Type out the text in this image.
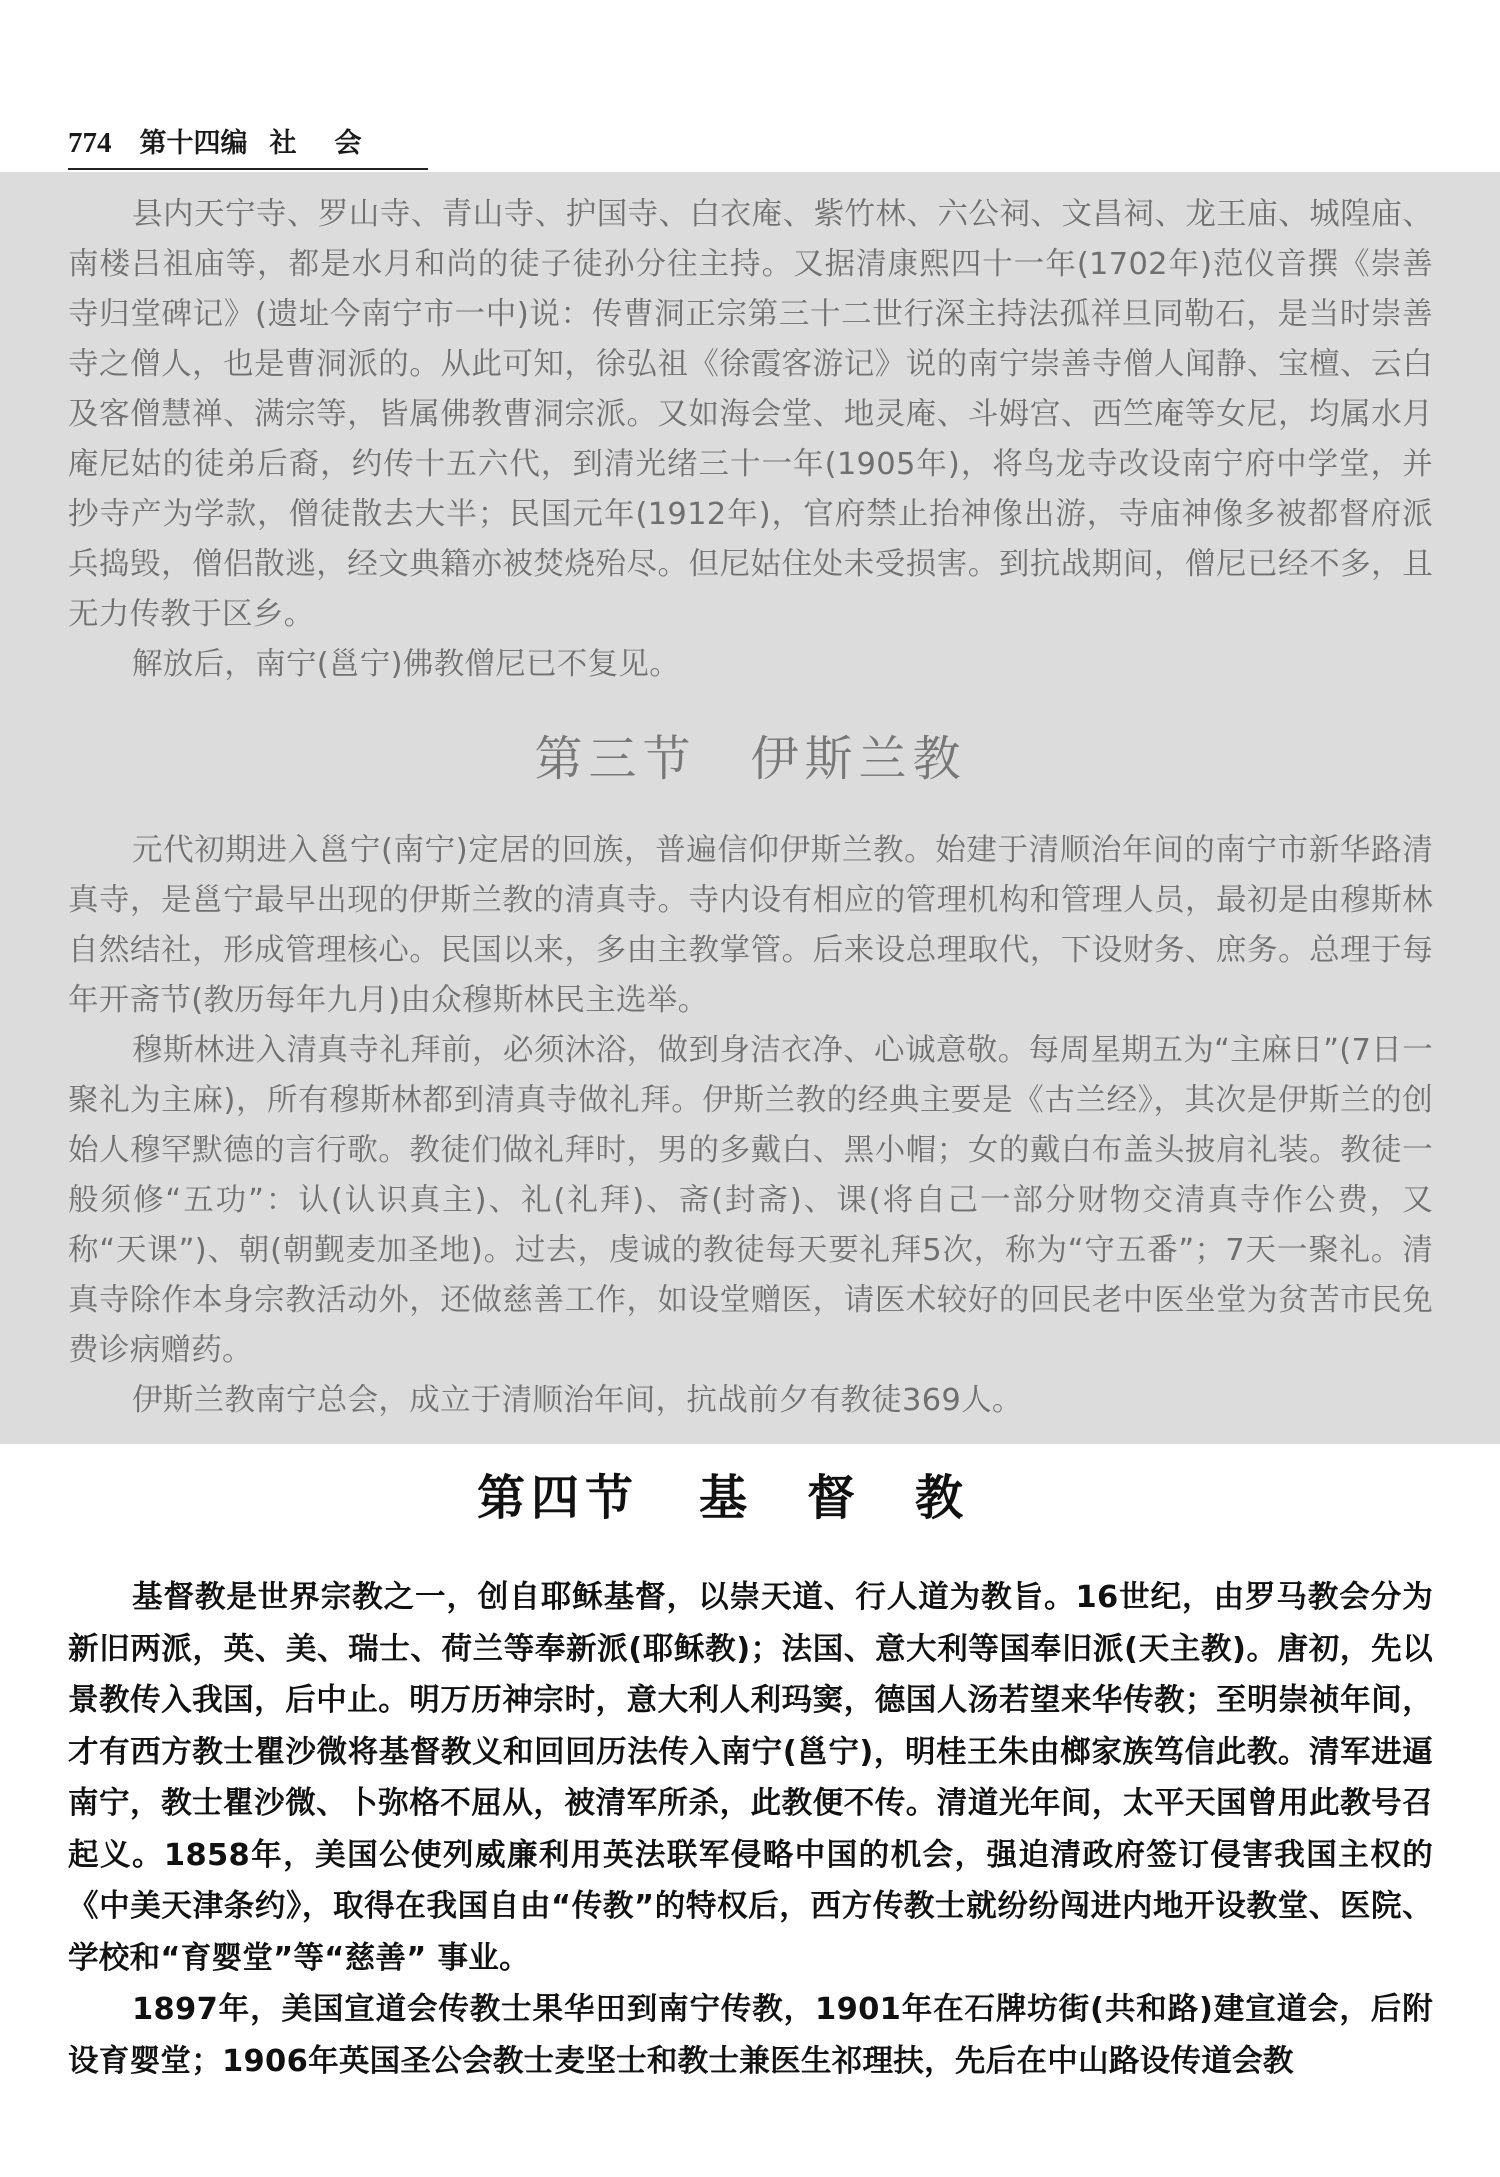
774 第十四编 社 会

县内天宁寺、罗山寺、青山寺、护国寺、白衣庵、紫竹林、六公祠、文昌祠、龙王庙、城隍庙、南楼吕祖庙等，都是水月和尚的徒子徒孙分往主持。又据清康熙四十一年(1702年)范仪音撰《崇善寺归堂碑记》(遗址今南宁市一中)说：传曹洞正宗第三十二世行深主持法孤祥旦同勒石，是当时崇善寺之僧人，也是曹洞派的。从此可知，徐弘祖《徐霞客游记》说的南宁崇善寺僧人闻静、宝檀、云白及客僧慧禅、满宗等，皆属佛教曹洞宗派。又如海会堂、地灵庵、斗姆宫、西竺庵等女尼，均属水月庵尼姑的徒弟后裔，约传十五六代，到清光绪三十一年(1905年)，将鸟龙寺改设南宁府中学堂，并抄寺产为学款，僧徒散去大半；民国元年(1912年)，官府禁止抬神像出游，寺庙神像多被都督府派兵捣毁，僧侣散逃，经文典籍亦被焚烧殆尽。但尼姑住处未受损害。到抗战期间，僧尼已经不多，且无力传教于区乡。

解放后，南宁(邕宁)佛教僧尼已不复见。

第三节　伊斯兰教

元代初期进入邕宁(南宁)定居的回族，普遍信仰伊斯兰教。始建于清顺治年间的南宁市新华路清真寺，是邕宁最早出现的伊斯兰教的清真寺。寺内设有相应的管理机构和管理人员，最初是由穆斯林自然结社，形成管理核心。民国以来，多由主教掌管。后来设总理取代，下设财务、庶务。总理于每年开斋节(教历每年九月)由众穆斯林民主选举。

穆斯林进入清真寺礼拜前，必须沐浴，做到身洁衣净、心诚意敬。每周星期五为“主麻日”(7日一聚礼为主麻)，所有穆斯林都到清真寺做礼拜。伊斯兰教的经典主要是《古兰经》，其次是伊斯兰的创始人穆罕默德的言行歌。教徒们做礼拜时，男的多戴白、黑小帽；女的戴白布盖头披肩礼装。教徒一般须修“五功”：认(认识真主)、礼(礼拜)、斋(封斋)、课(将自己一部分财物交清真寺作公费，又称“天课”)、朝(朝觐麦加圣地)。过去，虔诚的教徒每天要礼拜5次，称为“守五番”；7天一聚礼。清真寺除作本身宗教活动外，还做慈善工作，如设堂赠医，请医术较好的回民老中医坐堂为贫苦市民免费诊病赠药。

伊斯兰教南宁总会，成立于清顺治年间，抗战前夕有教徒369人。

第四节 基督教

基督教是世界宗教之一，创自耶稣基督，以崇天道、行人道为教旨。16世纪，由罗马教会分为新旧两派，英、美、瑞士、荷兰等奉新派(耶稣教)；法国、意大利等国奉旧派(天主教)。唐初，先以景教传入我国，后中止。明万历神宗时，意大利人利玛窦，德国人汤若望来华传教；至明崇祯年间，才有西方教士瞿沙微将基督教义和回回历法传入南宁(邕宁)，明桂王朱由榔家族笃信此教。清军进逼南宁，教士瞿沙微、卜弥格不屈从，被清军所杀，此教便不传。清道光年间，太平天国曾用此教号召起义。1858年，美国公使列威廉利用英法联军侵略中国的机会，强迫清政府签订侵害我国主权的《中美天津条约》，取得在我国自由“传教”的特权后，西方传教士就纷纷闯进内地开设教堂、医院、学校和“育婴堂”等“慈善” 事业。

1897年，美国宣道会传教士果华田到南宁传教，1901年在石牌坊街(共和路)建宣道会，后附设育婴堂；1906年英国圣公会教士麦坚士和教士兼医生祁理扶，先后在中山路设传道会教
